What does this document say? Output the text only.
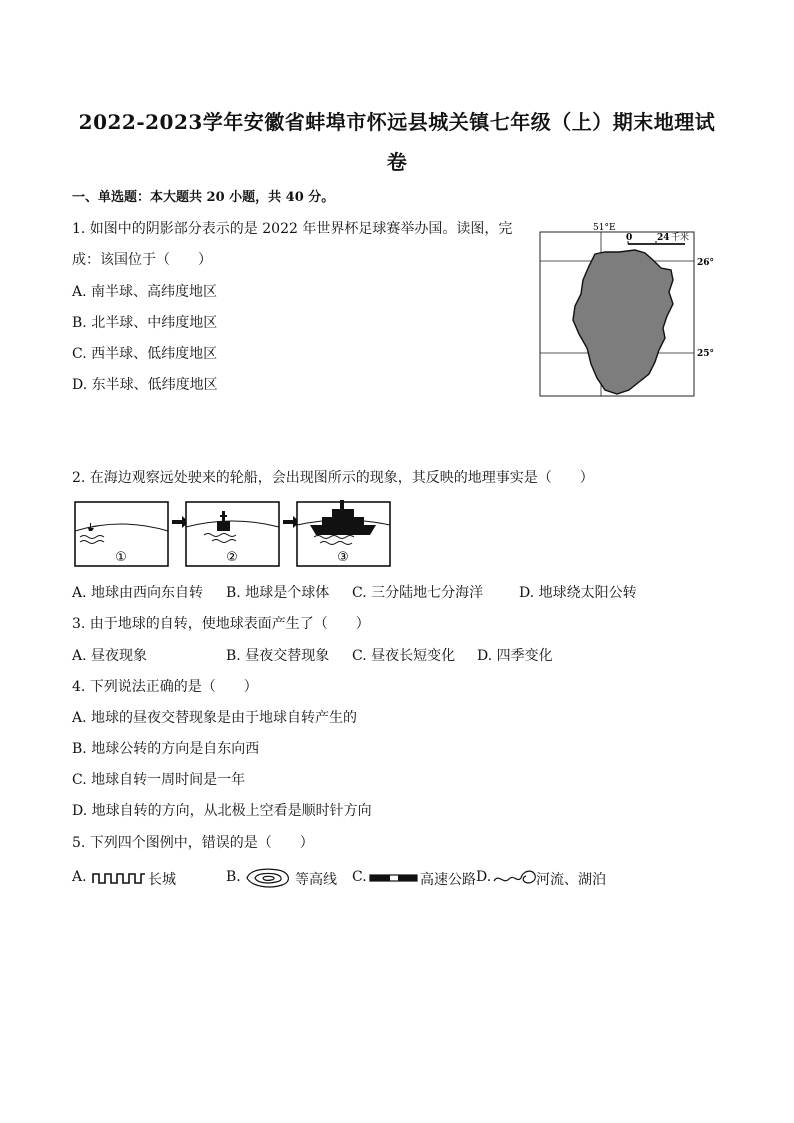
2022-2023学年安徽省蚌埠市怀远县城关镇七年级（上）期末地理试
卷
一、单选题：本大题共 20 小题，共 40 分。
1. 如图中的阴影部分表示的是 2022 年世界杯足球赛举办国。读图，完
成：该国位于（　　）
A. 南半球、高纬度地区
B. 北半球、中纬度地区
C. 西半球、低纬度地区
D. 东半球、低纬度地区
51°E
0	24 千米
26°
25°
2. 在海边观察远处驶来的轮船，会出现图所示的现象，其反映的地理事实是（　　）
①	②	③
A. 地球由西向东自转 B. 地球是个球体 C. 三分陆地七分海洋	D. 地球绕太阳公转
3. 由于地球的自转，使地球表面产生了（　　）
A. 昼夜现象	B. 昼夜交替现象 C. 昼夜长短变化 D. 四季变化
4. 下列说法正确的是（　　）
A. 地球的昼夜交替现象是由于地球自转产生的
B. 地球公转的方向是自东向西
C. 地球自转一周时间是一年
D. 地球自转的方向，从北极上空看是顺时针方向
5. 下列四个图例中，错误的是（　　）
A.	长城	B.	等高线 C.	高速公路 D.	河流、湖泊
